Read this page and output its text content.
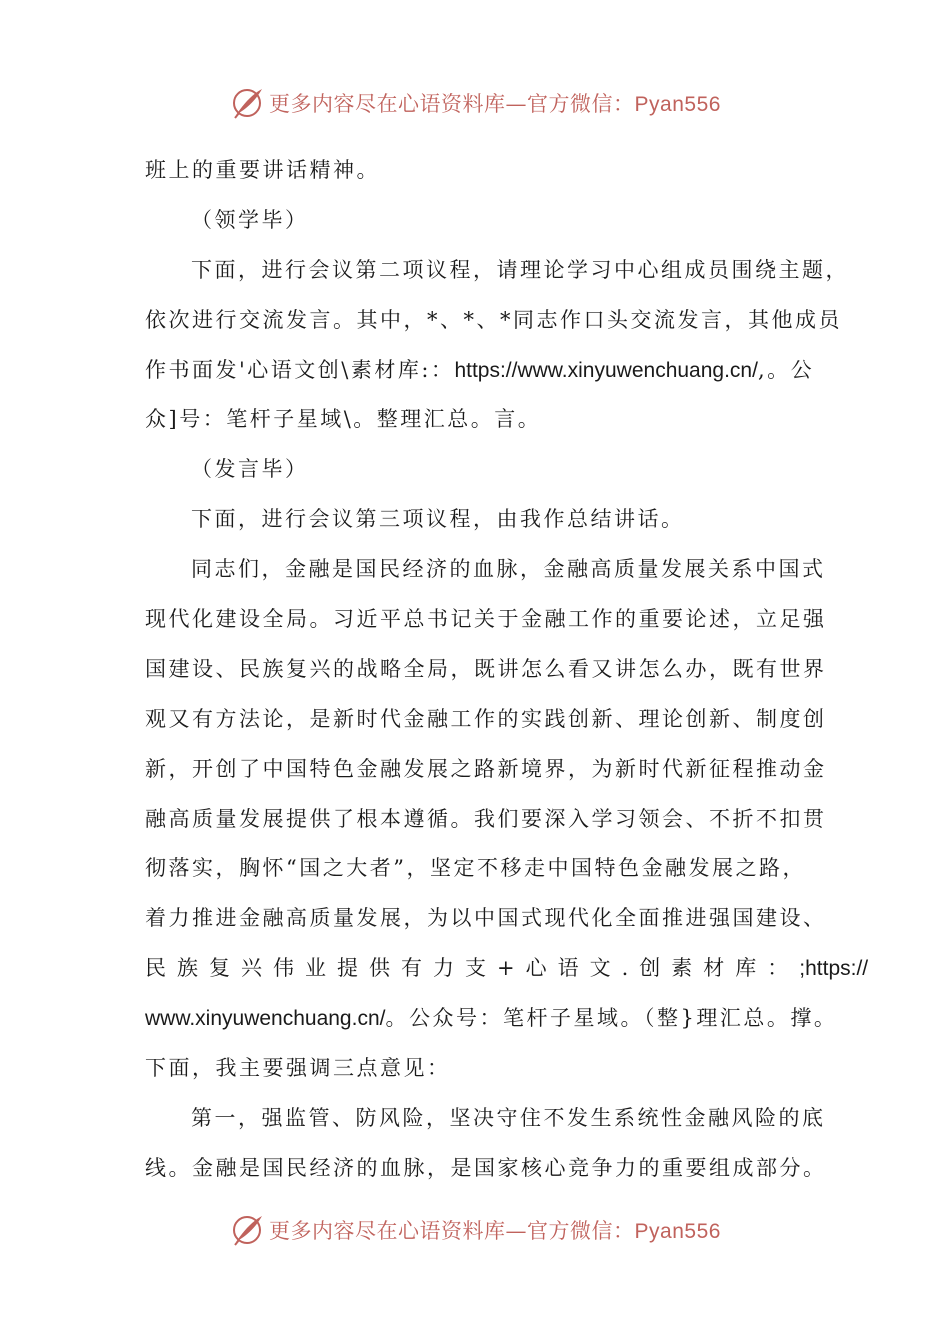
更多内容尽在心语资料库—官方微信：Pyan556
班上的重要讲话精神。
（领学毕）
下面，进行会议第二项议程，请理论学习中心组成员围绕主题，
依次进行交流发言。其中，*、*、*同志作口头交流发言，其他成员
作书面发'心语文创\素材库:：https://www.xinyuwenchuang.cn/,。公
众]号：笔杆子星域\。整理汇总。言。
（发言毕）
下面，进行会议第三项议程，由我作总结讲话。
同志们，金融是国民经济的血脉，金融高质量发展关系中国式
现代化建设全局。习近平总书记关于金融工作的重要论述，立足强
国建设、民族复兴的战略全局，既讲怎么看又讲怎么办，既有世界
观又有方法论，是新时代金融工作的实践创新、理论创新、制度创
新，开创了中国特色金融发展之路新境界，为新时代新征程推动金
融高质量发展提供了根本遵循。我们要深入学习领会、不折不扣贯
彻落实，胸怀“国之大者”，坚定不移走中国特色金融发展之路，
着力推进金融高质量发展，为以中国式现代化全面推进强国建设、
民族复兴伟业提供有力支+心语文.创素材库：;https://
www.xinyuwenchuang.cn/。公众号：笔杆子星域。（整}理汇总。撑。
下面，我主要强调三点意见：
第一，强监管、防风险，坚决守住不发生系统性金融风险的底
线。金融是国民经济的血脉，是国家核心竞争力的重要组成部分。
更多内容尽在心语资料库—官方微信：Pyan556
